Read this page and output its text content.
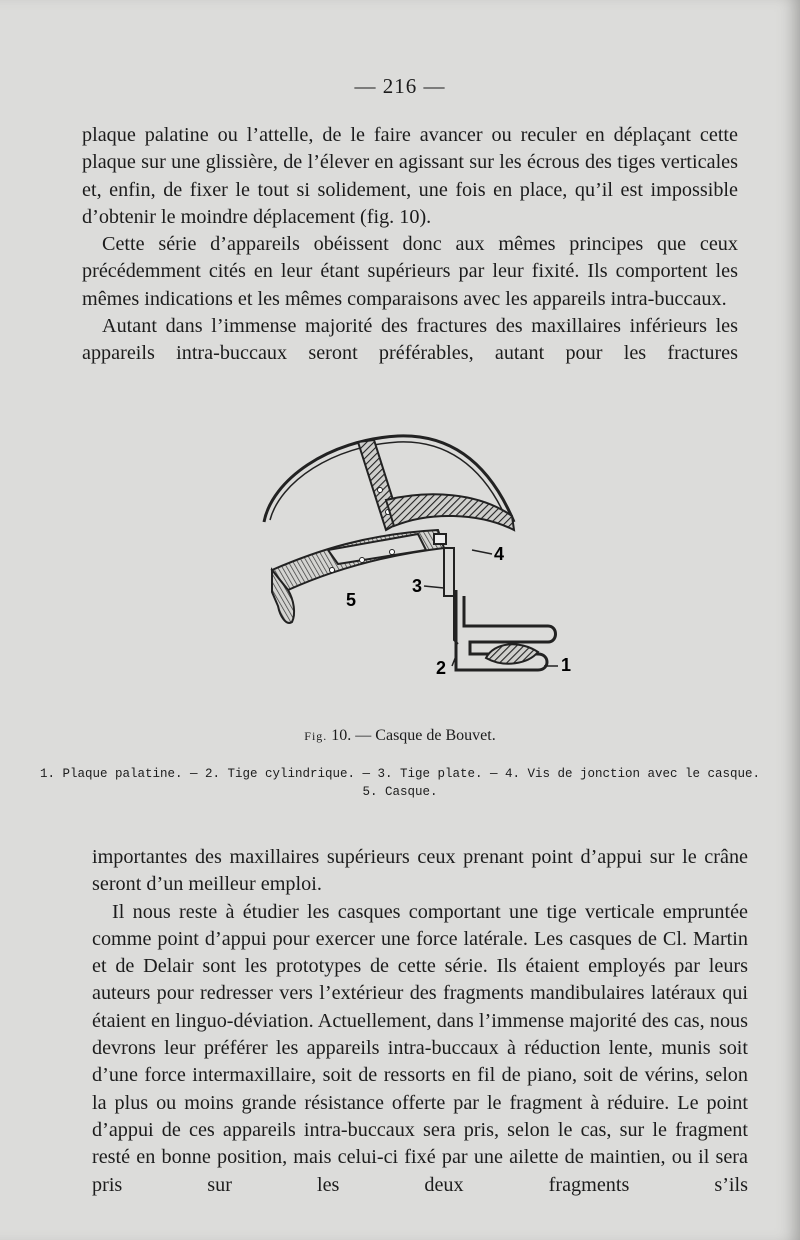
— 216 —

plaque palatine ou l’attelle, de le faire avancer ou reculer en déplaçant cette plaque sur une glissière, de l’élever en agissant sur les écrous des tiges verticales et, enfin, de fixer le tout si solidement, une fois en place, qu’il est impossible d’obtenir le moindre déplacement (fig. 10).

Cette série d’appareils obéissent donc aux mêmes principes que ceux précédemment cités en leur étant supérieurs par leur fixité. Ils comportent les mêmes indications et les mêmes comparaisons avec les appareils intra-buccaux.

Autant dans l’immense majorité des fractures des maxillaires inférieurs les appareils intra-buccaux seront préférables, autant pour les fractures

1
2
3
4
5
Fig. 10. — Casque de Bouvet.
1. Plaque palatine. — 2. Tige cylindrique. — 3. Tige plate. — 4. Vis de jonction avec le casque.
5. Casque.

importantes des maxillaires supérieurs ceux prenant point d’appui sur le crâne seront d’un meilleur emploi.

Il nous reste à étudier les casques comportant une tige verticale empruntée comme point d’appui pour exercer une force latérale. Les casques de Cl. Martin et de Delair sont les prototypes de cette série. Ils étaient employés par leurs auteurs pour redresser vers l’extérieur des fragments mandibulaires latéraux qui étaient en linguo-déviation. Actuellement, dans l’immense majorité des cas, nous devrons leur préférer les appareils intra-buccaux à réduction lente, munis soit d’une force intermaxillaire, soit de ressorts en fil de piano, soit de vérins, selon la plus ou moins grande résistance offerte par le fragment à réduire. Le point d’appui de ces appareils intra-buccaux sera pris, selon le cas, sur le fragment resté en bonne position, mais celui-ci fixé par une ailette de maintien, ou il sera pris sur les deux fragments s’ils
